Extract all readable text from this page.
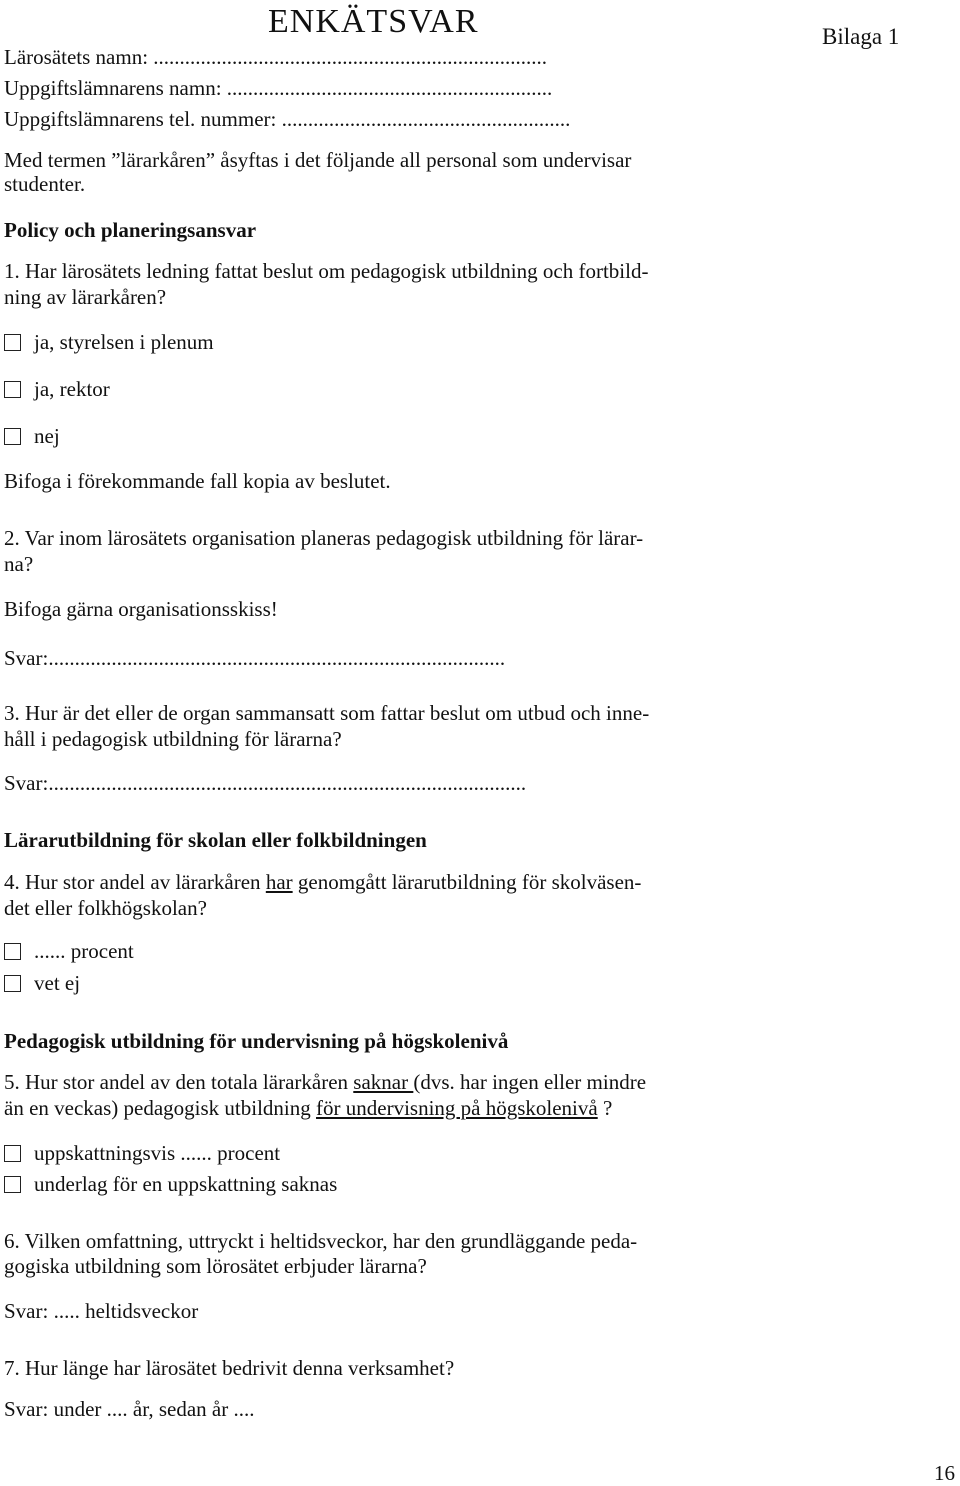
ENKÄTSVAR	Bilaga 1
Lärosätets namn: ...........................................................................
Uppgiftslämnarens namn: ..............................................................
Uppgiftslämnarens tel. nummer: .......................................................
Med termen ”lärarkåren” åsyftas i det följande all personal som undervisar
studenter.
Policy och planeringsansvar
1. Har lärosätets ledning fattat beslut om pedagogisk utbildning och fortbild-
ning av lärarkåren?
ja, styrelsen i plenum
ja, rektor
nej
Bifoga i förekommande fall kopia av beslutet.
2. Var inom lärosätets organisation planeras pedagogisk utbildning för lärar-
na?
Bifoga gärna organisationsskiss!
Svar:.......................................................................................
3. Hur är det eller de organ sammansatt som fattar beslut om utbud och inne-
håll i pedagogisk utbildning för lärarna?
Svar:...........................................................................................
Lärarutbildning för skolan eller folkbildningen
4. Hur stor andel av lärarkåren har genomgått lärarutbildning för skolväsen-
det eller folkhögskolan?
...... procent
vet ej
Pedagogisk utbildning för undervisning på högskolenivå
5. Hur stor andel av den totala lärarkåren saknar (dvs. har ingen eller mindre
än en veckas) pedagogisk utbildning för undervisning på högskolenivå ?
uppskattningsvis ...... procent
underlag för en uppskattning saknas
6. Vilken omfattning, uttryckt i heltidsveckor, har den grundläggande peda-
gogiska utbildning som lörosätet erbjuder lärarna?
Svar: ..... heltidsveckor
7. Hur länge har lärosätet bedrivit denna verksamhet?
Svar: under .... år, sedan år ....
16
